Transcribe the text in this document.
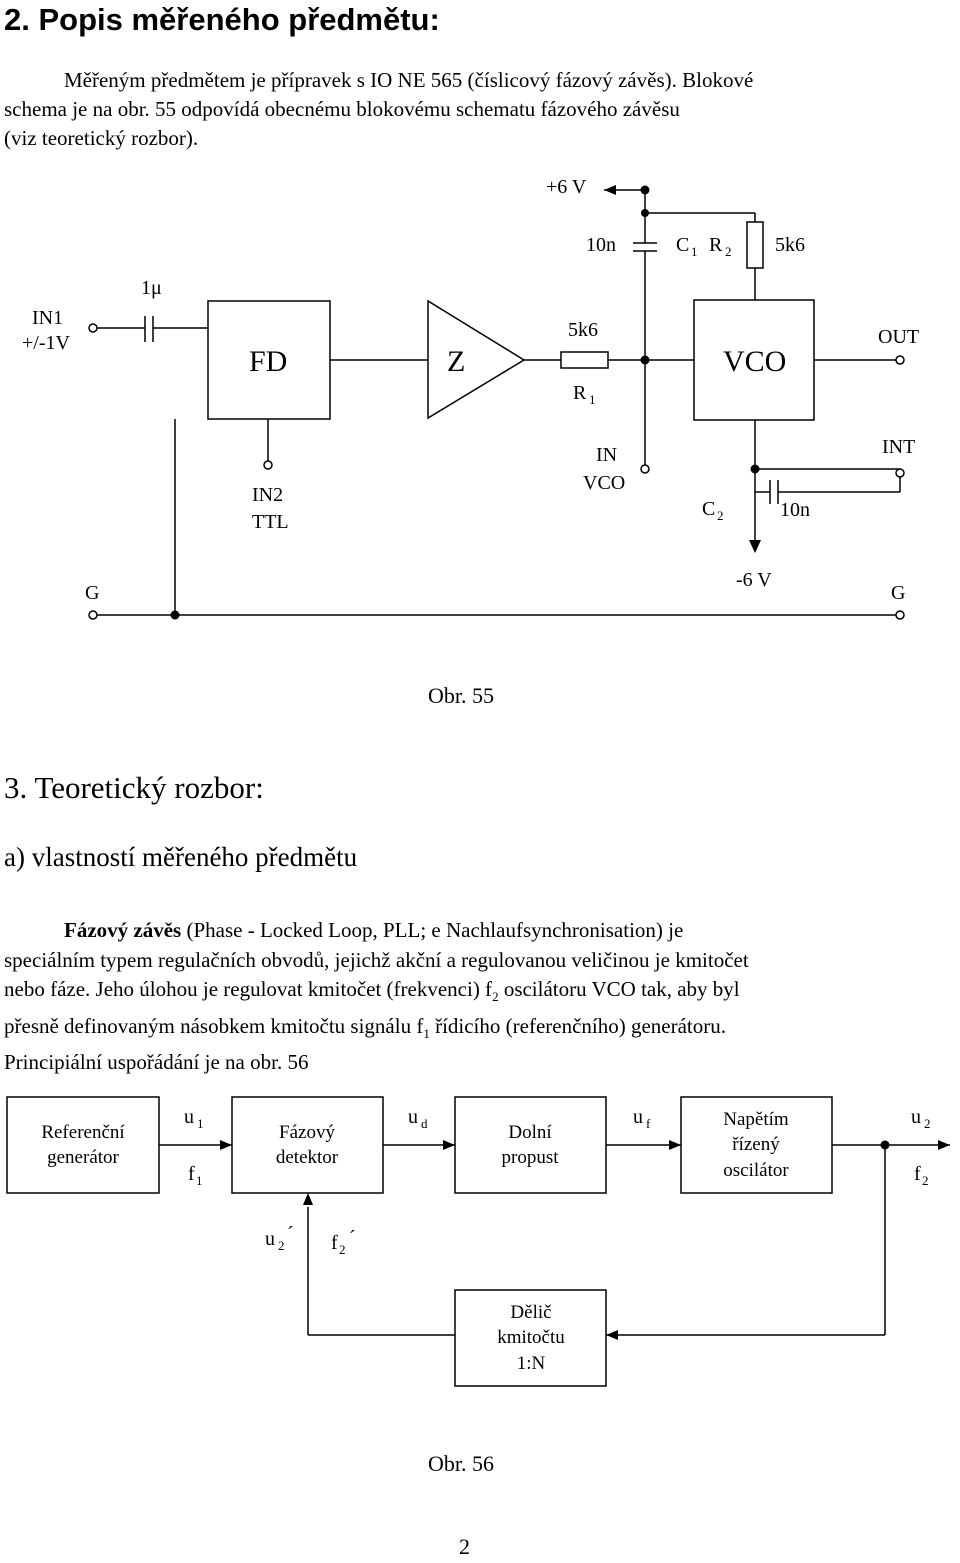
2. Popis měřeného předmětu:
Měřeným předmětem je přípravek s IO NE 565 (číslicový fázový závěs). Blokové
schema je na obr. 55 odpovídá obecnému blokovému schematu fázového závěsu
(viz teoretický rozbor).
+6 V
10n	C 1 R 2 5k6
IN1
+/-1V
1μ
FD	Z
5k6
R 1
VCO
OUT
IN2
TTL
IN
VCO
C 2	10n
INT
-6 V
G	G
Obr. 55
3. Teoretický rozbor:
a) vlastností měřeného předmětu
Fázový závěs (Phase - Locked Loop, PLL; e Nachlaufsynchronisation) je
speciálním typem regulačních obvodů, jejichž akční a regulovanou veličinou je kmitočet
nebo fáze. Jeho úlohou je regulovat kmitočet (frekvenci) $f_2$ oscilátoru VCO tak, aby byl
přesně definovaným násobkem kmitočtu signálu $f_1$ řídicího (referenčního) generátoru.
Principiální uspořádání je na obr. 56
Referenční
generátor
Fázový
detektor
Dolní
propust
Napětím
řízený
oscilátor
Dělič
kmitočtu
1:N
u 1
f 1
u d	u f	u 2
f 2
u 2
´ f 2
´
Obr. 56
2
